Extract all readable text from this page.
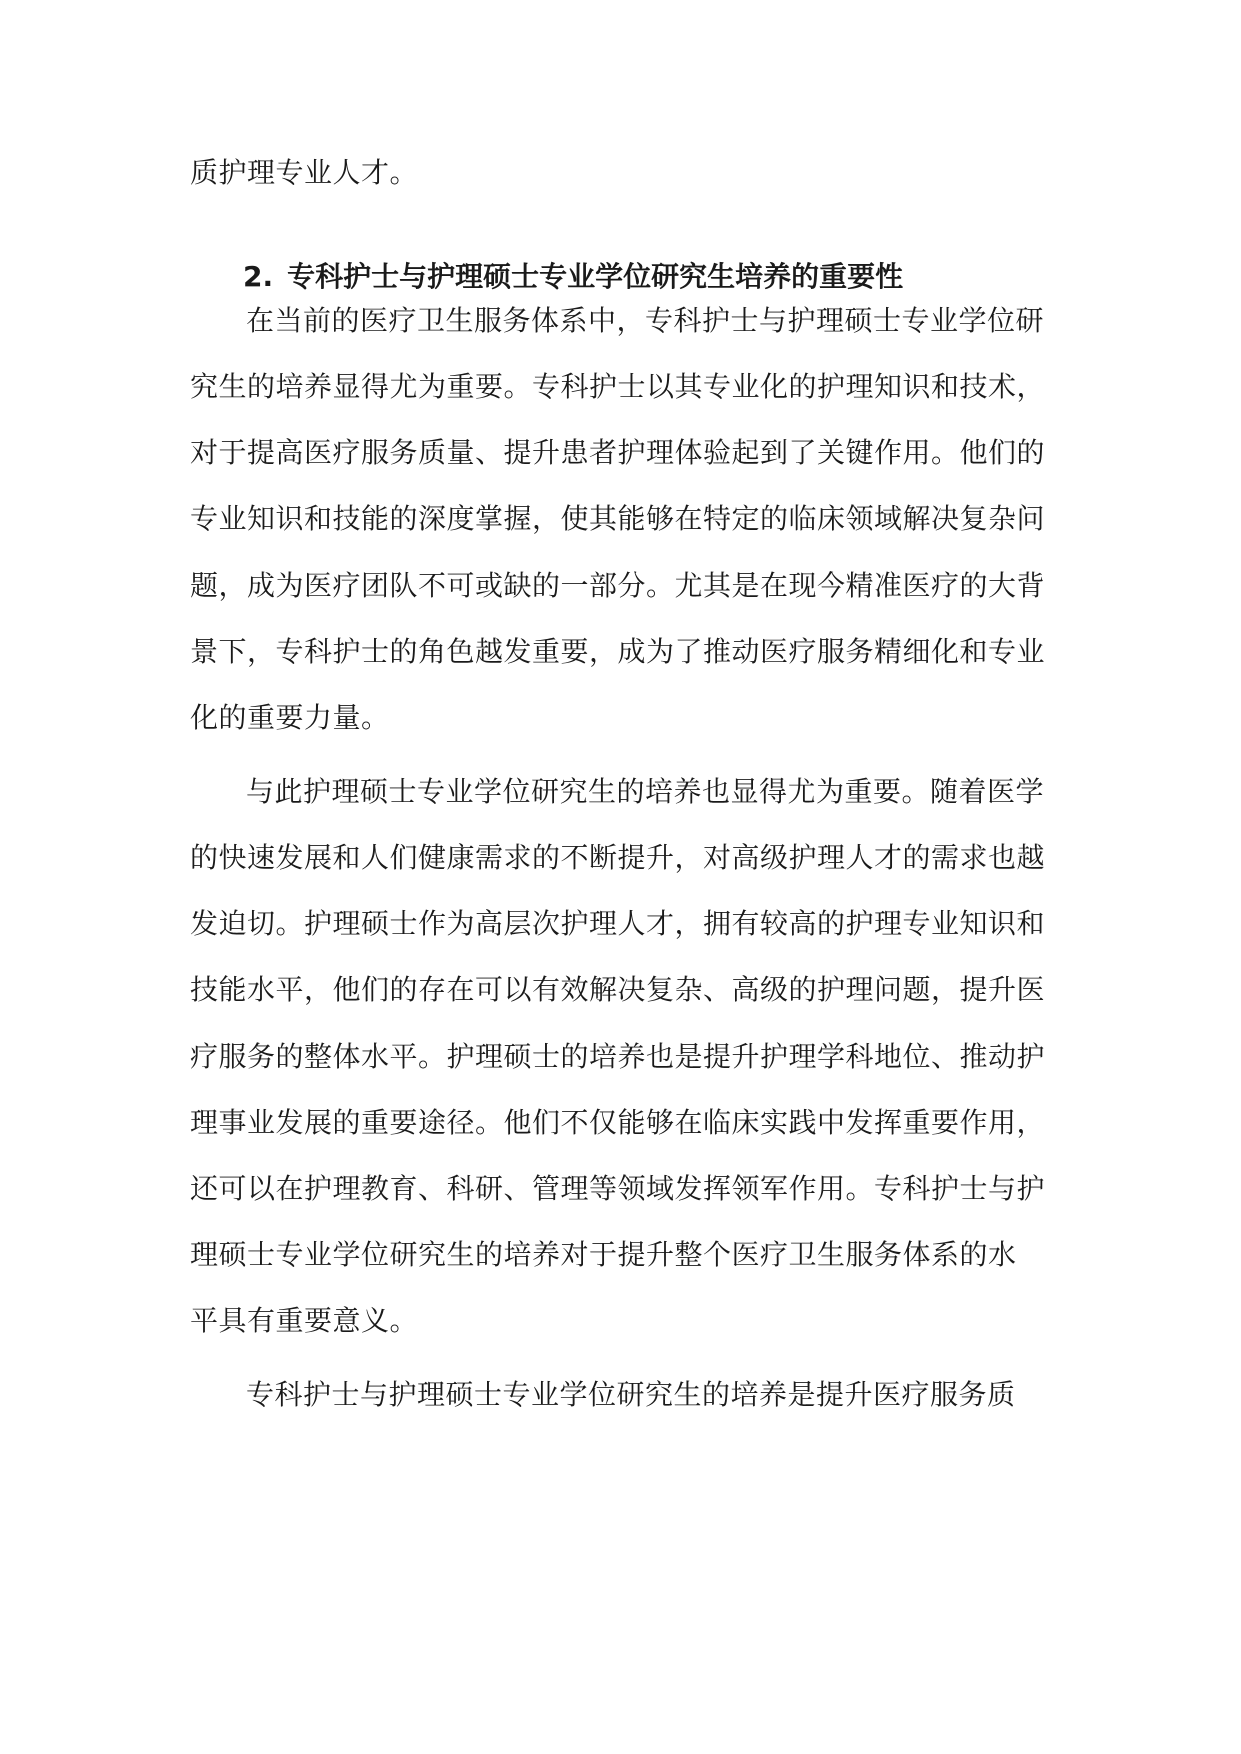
质护理专业人才。
2. 专科护士与护理硕士专业学位研究生培养的重要性
在当前的医疗卫生服务体系中，专科护士与护理硕士专业学位研
究生的培养显得尤为重要。专科护士以其专业化的护理知识和技术，
对于提高医疗服务质量、提升患者护理体验起到了关键作用。他们的
专业知识和技能的深度掌握，使其能够在特定的临床领域解决复杂问
题，成为医疗团队不可或缺的一部分。尤其是在现今精准医疗的大背
景下，专科护士的角色越发重要，成为了推动医疗服务精细化和专业
化的重要力量。
与此护理硕士专业学位研究生的培养也显得尤为重要。随着医学
的快速发展和人们健康需求的不断提升，对高级护理人才的需求也越
发迫切。护理硕士作为高层次护理人才，拥有较高的护理专业知识和
技能水平，他们的存在可以有效解决复杂、高级的护理问题，提升医
疗服务的整体水平。护理硕士的培养也是提升护理学科地位、推动护
理事业发展的重要途径。他们不仅能够在临床实践中发挥重要作用，
还可以在护理教育、科研、管理等领域发挥领军作用。专科护士与护
理硕士专业学位研究生的培养对于提升整个医疗卫生服务体系的水
平具有重要意义。
专科护士与护理硕士专业学位研究生的培养是提升医疗服务质
